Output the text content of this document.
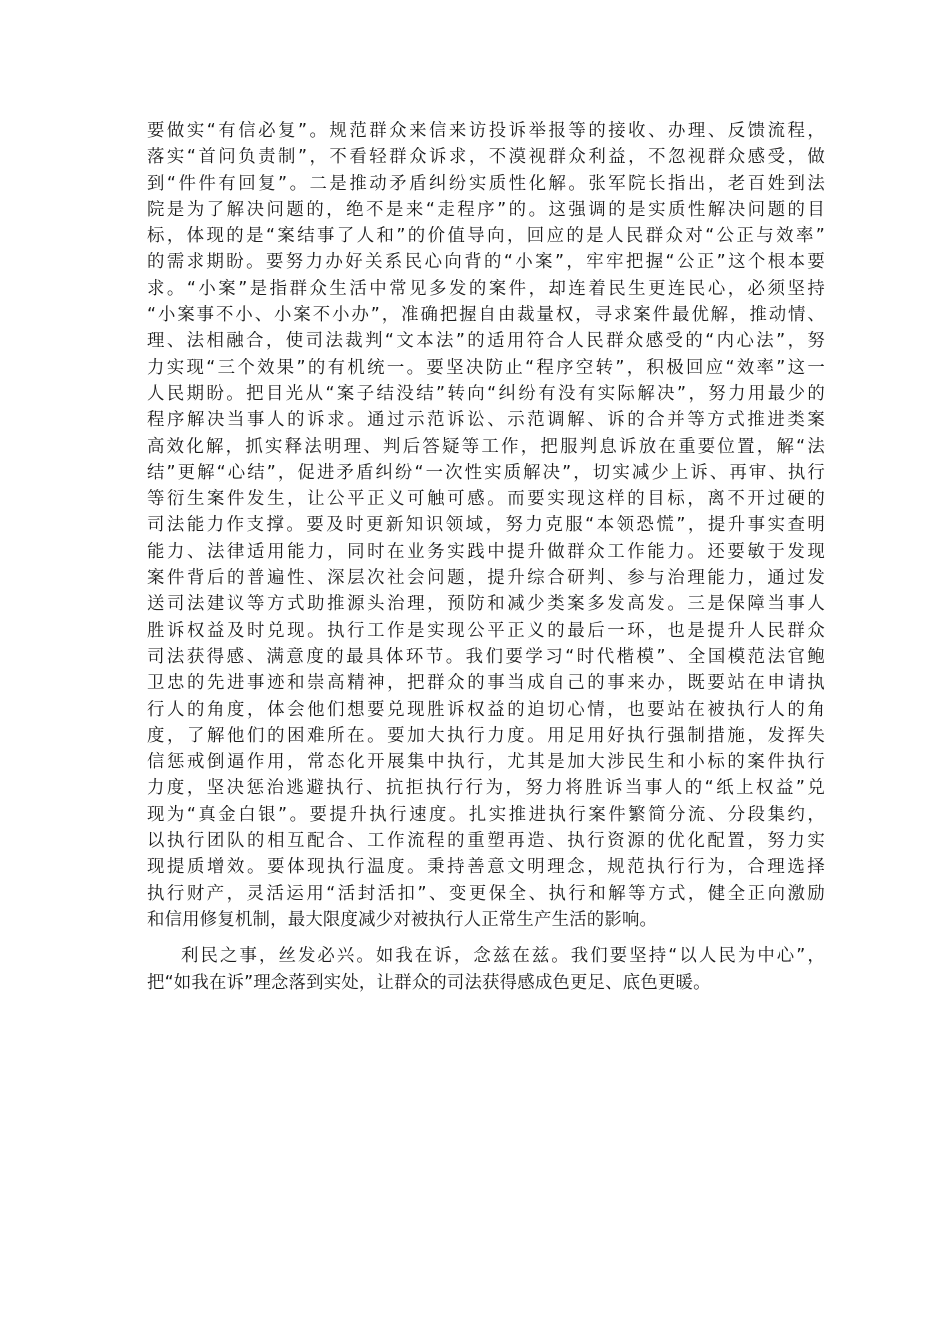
要做实“有信必复”。规范群众来信来访投诉举报等的接收、办理、反馈流程，
落实“首问负责制”，不看轻群众诉求，不漠视群众利益，不忽视群众感受，做
到“件件有回复”。二是推动矛盾纠纷实质性化解。张军院长指出，老百姓到法
院是为了解决问题的，绝不是来“走程序”的。这强调的是实质性解决问题的目
标，体现的是“案结事了人和”的价值导向，回应的是人民群众对“公正与效率”
的需求期盼。要努力办好关系民心向背的“小案”，牢牢把握“公正”这个根本要
求。“小案”是指群众生活中常见多发的案件，却连着民生更连民心，必须坚持
“小案事不小、小案不小办”，准确把握自由裁量权，寻求案件最优解，推动情、
理、法相融合，使司法裁判“文本法”的适用符合人民群众感受的“内心法”，努
力实现“三个效果”的有机统一。要坚决防止“程序空转”，积极回应“效率”这一
人民期盼。把目光从“案子结没结”转向“纠纷有没有实际解决”，努力用最少的
程序解决当事人的诉求。通过示范诉讼、示范调解、诉的合并等方式推进类案
高效化解，抓实释法明理、判后答疑等工作，把服判息诉放在重要位置，解“法
结”更解“心结”，促进矛盾纠纷“一次性实质解决”，切实减少上诉、再审、执行
等衍生案件发生，让公平正义可触可感。而要实现这样的目标，离不开过硬的
司法能力作支撑。要及时更新知识领域，努力克服“本领恐慌”，提升事实查明
能力、法律适用能力，同时在业务实践中提升做群众工作能力。还要敏于发现
案件背后的普遍性、深层次社会问题，提升综合研判、参与治理能力，通过发
送司法建议等方式助推源头治理，预防和减少类案多发高发。三是保障当事人
胜诉权益及时兑现。执行工作是实现公平正义的最后一环，也是提升人民群众
司法获得感、满意度的最具体环节。我们要学习“时代楷模”、全国模范法官鲍
卫忠的先进事迹和崇高精神，把群众的事当成自己的事来办，既要站在申请执
行人的角度，体会他们想要兑现胜诉权益的迫切心情，也要站在被执行人的角
度，了解他们的困难所在。要加大执行力度。用足用好执行强制措施，发挥失
信惩戒倒逼作用，常态化开展集中执行，尤其是加大涉民生和小标的案件执行
力度，坚决惩治逃避执行、抗拒执行行为，努力将胜诉当事人的“纸上权益”兑
现为“真金白银”。要提升执行速度。扎实推进执行案件繁简分流、分段集约，
以执行团队的相互配合、工作流程的重塑再造、执行资源的优化配置，努力实
现提质增效。要体现执行温度。秉持善意文明理念，规范执行行为，合理选择
执行财产，灵活运用“活封活扣”、变更保全、执行和解等方式，健全正向激励
和信用修复机制，最大限度减少对被执行人正常生产生活的影响。
利民之事，丝发必兴。如我在诉，念兹在兹。我们要坚持“以人民为中心”，
把“如我在诉”理念落到实处，让群众的司法获得感成色更足、底色更暖。
